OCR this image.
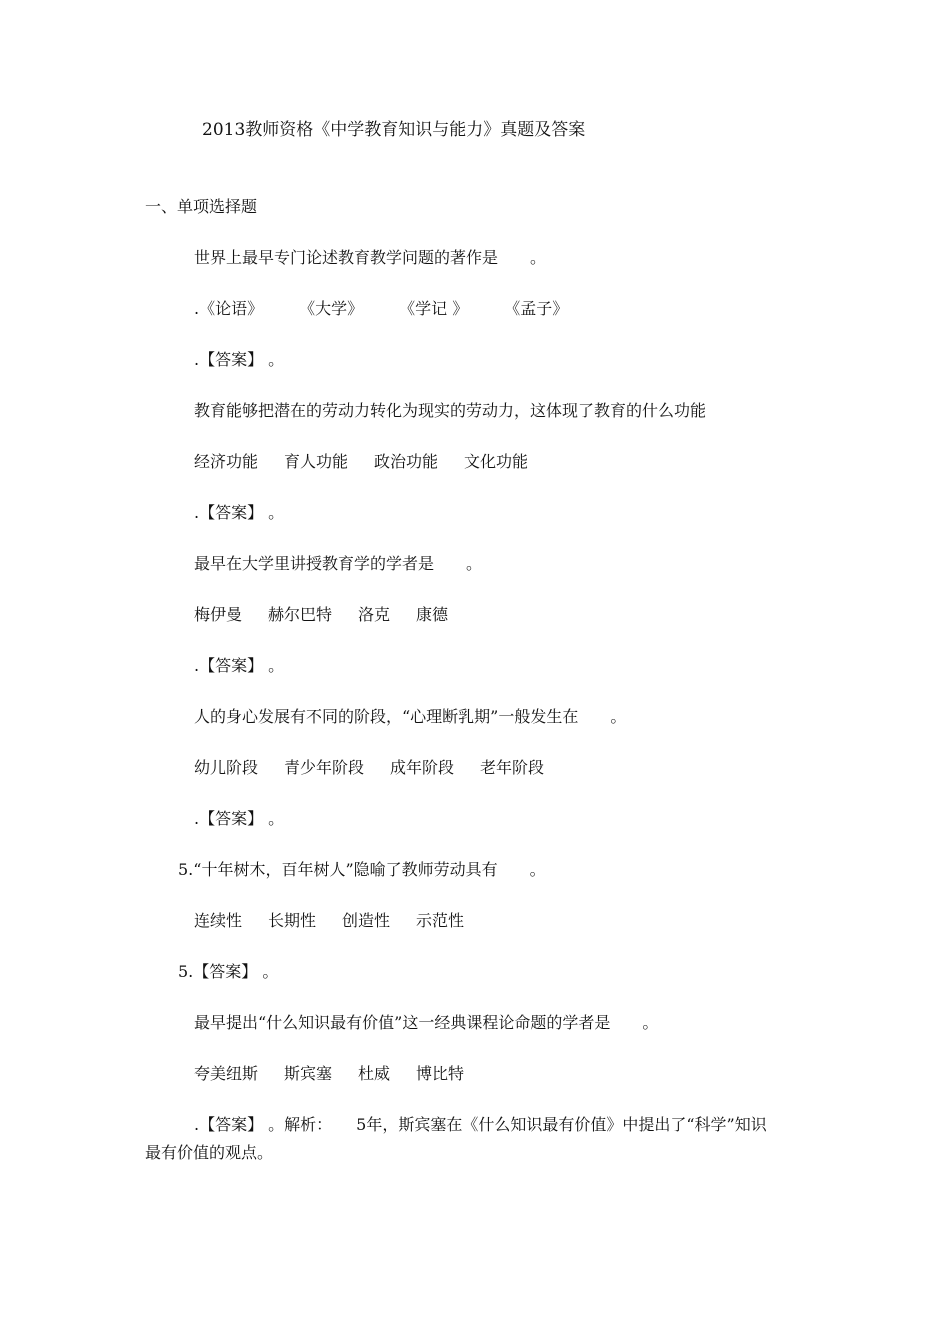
2013教师资格《中学教育知识与能力》真题及答案
一、单项选择题
世界上最早专门论述教育教学问题的著作是　　。
.《论语》 《大学》 《学记 》 《孟子》
.【答案】 。
教育能够把潜在的劳动力转化为现实的劳动力，这体现了教育的什么功能
经济功能 育人功能 政治功能 文化功能
.【答案】 。
最早在大学里讲授教育学的学者是　　。
梅伊曼 赫尔巴特 洛克 康德
.【答案】 。
人的身心发展有不同的阶段，“心理断乳期”一般发生在　　。
幼儿阶段 青少年阶段 成年阶段 老年阶段
.【答案】 。
5.“十年树木，百年树人”隐喻了教师劳动具有　　。
连续性 长期性 创造性 示范性
5.【答案】 。
最早提出“什么知识最有价值”这一经典课程论命题的学者是　　。
夸美纽斯 斯宾塞 杜威 博比特
.【答案】 。解析：　　5年，斯宾塞在《什么知识最有价值》中提出了“科学”知识
最有价值的观点。
